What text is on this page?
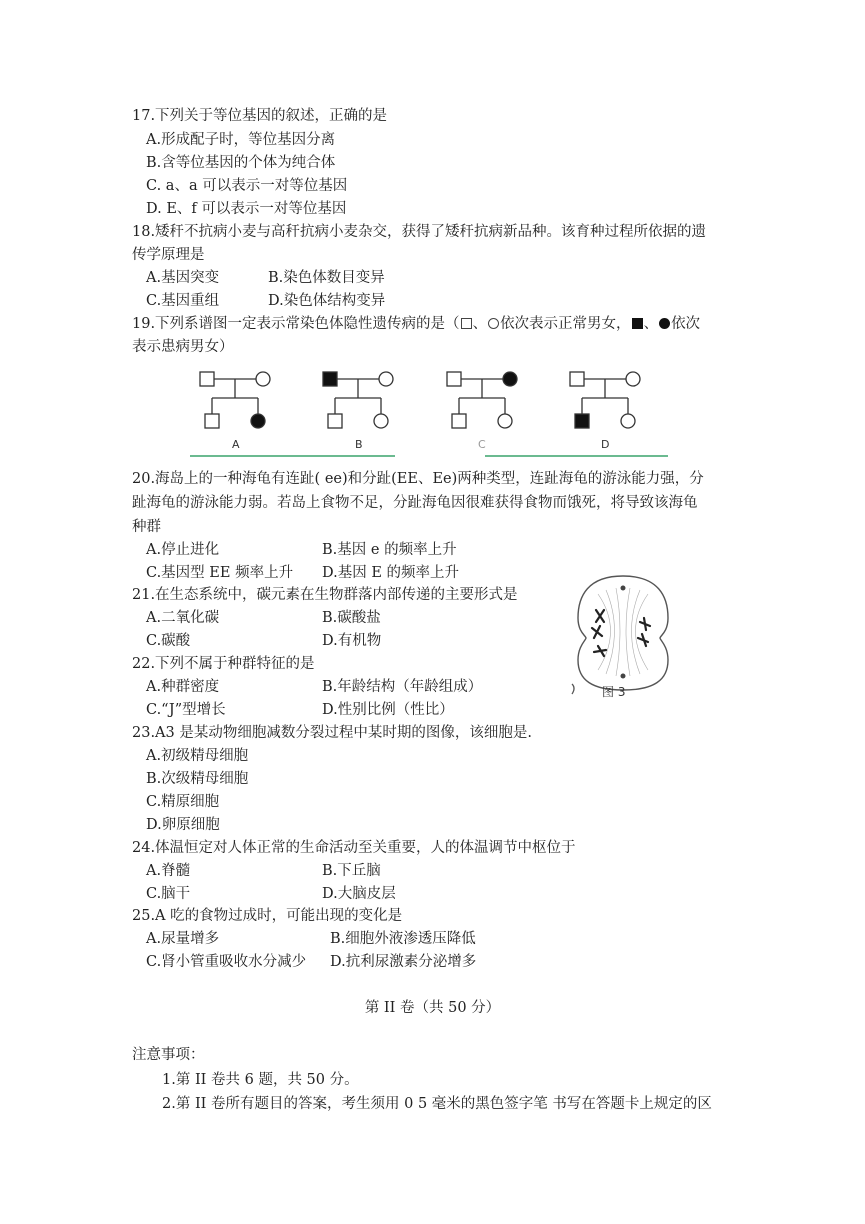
17.下列关于等位基因的叙述，正确的是
A.形成配子时，等位基因分离
B.含等位基因的个体为纯合体
C. a、a 可以表示一对等位基因
D. E、f 可以表示一对等位基因
18.矮秆不抗病小麦与高秆抗病小麦杂交，获得了矮秆抗病新品种。该育种过程所依据的遗
传学原理是
A.基因突变	B.染色体数目变异
C.基因重组	D.染色体结构变异
19.下列系谱图一定表示常染色体隐性遗传病的是（ 、 依次表示正常男女， 、 依次
表示患病男女）
A	B	C	D
20.海岛上的一种海龟有连趾( ee)和分趾(EE、Ee)两种类型，连趾海龟的游泳能力强，分
趾海龟的游泳能力弱。若岛上食物不足，分趾海龟因很难获得食物而饿死，将导致该海龟
种群
A.停止进化	B.基因 e 的频率上升
C.基因型 EE 频率上升 D.基因 E 的频率上升
21.在生态系统中，碳元素在生物群落内部传递的主要形式是
A.二氧化碳	B.碳酸盐
C.碳酸	D.有机物
图 3
22.下列不属于种群特征的是
A.种群密度	B.年龄结构（年龄组成）
C.“J”型增长	D.性别比例（性比）
23.A3 是某动物细胞减数分裂过程中某时期的图像，该细胞是.
A.初级精母细胞
B.次级精母细胞
C.精原细胞
D.卵原细胞
24.体温恒定对人体正常的生命活动至关重要，人的体温调节中枢位于
A.脊髓	B.下丘脑
C.脑干	D.大脑皮层
25.A 吃的食物过成时，可能出现的变化是
A.尿量增多	B.细胞外液渗透压降低
C.肾小管重吸收水分减少 D.抗利尿激素分泌增多
第 II 卷（共 50 分）
注意事项：
1.第 II 卷共 6 题，共 50 分。
2.第 II 卷所有题目的答案，考生须用 0 5 毫米的黑色签字笔 书写在答题卡上规定的区
